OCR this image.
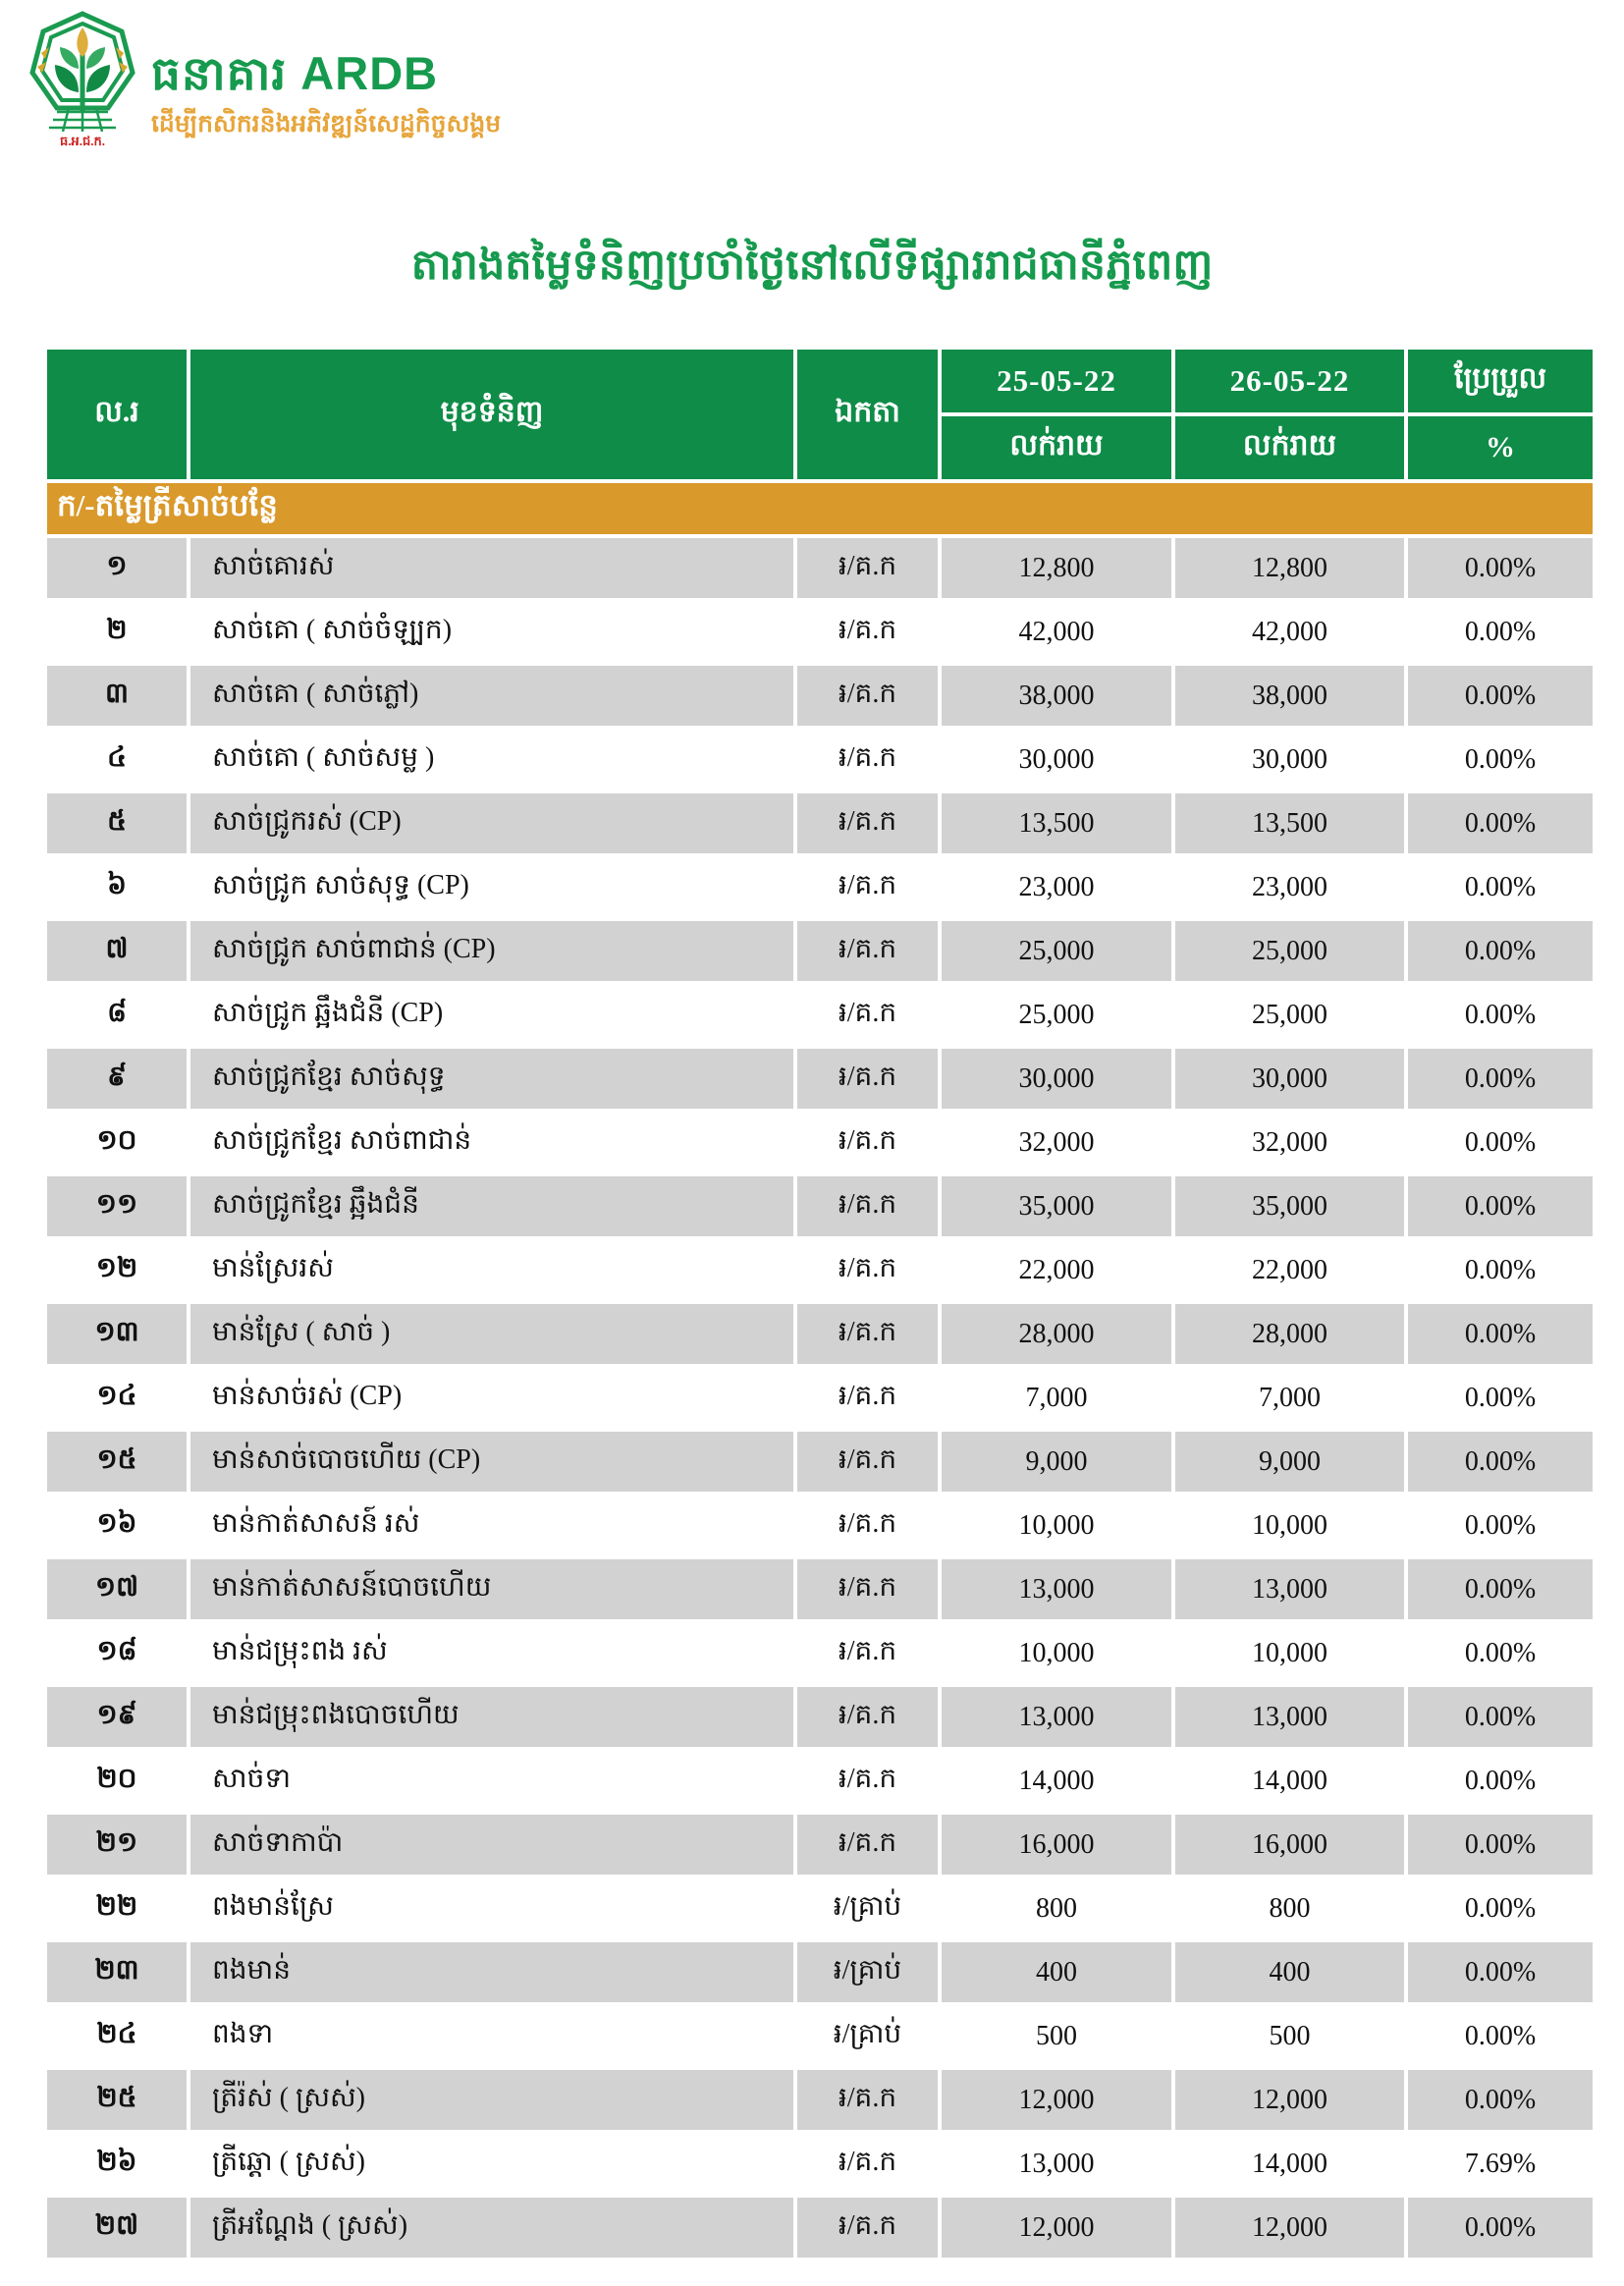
ធ.អ.ជ.ក.
ធនាគារ ARDB
ដើម្បីកសិករនិងអភិវឌ្ឍន៍សេដ្ឋកិច្ចសង្គម
តារាងតម្លៃទំនិញប្រចាំថ្ងៃនៅលើទីផ្សាររាជធានីភ្នំពេញ
ល.រ	មុខទំនិញ	ឯកតា	25-05-22	26-05-22	ប្រែប្រួល
			លក់រាយ	លក់រាយ	%
ក/-តម្លៃត្រីសាច់បន្លែ					
១	សាច់គោរស់	៛/គ.ក	12,800	12,800	0.00%
២	សាច់គោ ( សាច់ចំឡ្បក)	៛/គ.ក	42,000	42,000	0.00%
៣	សាច់គោ ( សាច់ភ្លៅ)	៛/គ.ក	38,000	38,000	0.00%
៤	សាច់គោ ( សាច់សម្ល )	៛/គ.ក	30,000	30,000	0.00%
៥	សាច់ជ្រូករស់ (CP)	៛/គ.ក	13,500	13,500	0.00%
៦	សាច់ជ្រូក សាច់សុទ្ធ (CP)	៛/គ.ក	23,000	23,000	0.00%
៧	សាច់ជ្រូក សាច់ពាជាន់ (CP)	៛/គ.ក	25,000	25,000	0.00%
៨	សាច់ជ្រូក ឆ្អឹងជំនី (CP)	៛/គ.ក	25,000	25,000	0.00%
៩	សាច់ជ្រូកខ្មែរ សាច់សុទ្ធ	៛/គ.ក	30,000	30,000	0.00%
១០	សាច់ជ្រូកខ្មែរ សាច់ពាជាន់	៛/គ.ក	32,000	32,000	0.00%
១១	សាច់ជ្រូកខ្មែរ ឆ្អឹងជំនី	៛/គ.ក	35,000	35,000	0.00%
១២	មាន់ស្រែរស់	៛/គ.ក	22,000	22,000	0.00%
១៣	មាន់ស្រែ ( សាច់ )	៛/គ.ក	28,000	28,000	0.00%
១៤	មាន់សាច់រស់ (CP)	៛/គ.ក	7,000	7,000	0.00%
១៥	មាន់សាច់បោចហើយ (CP)	៛/គ.ក	9,000	9,000	0.00%
១៦	មាន់កាត់សាសន៍ រស់	៛/គ.ក	10,000	10,000	0.00%
១៧	មាន់កាត់សាសន៍បោចហើយ	៛/គ.ក	13,000	13,000	0.00%
១៨	មាន់ជម្រុះពង រស់	៛/គ.ក	10,000	10,000	0.00%
១៩	មាន់ជម្រុះពងបោចហើយ	៛/គ.ក	13,000	13,000	0.00%
២០	សាច់ទា	៛/គ.ក	14,000	14,000	0.00%
២១	សាច់ទាកាប៉ា	៛/គ.ក	16,000	16,000	0.00%
២២	ពងមាន់ស្រែ	៛/គ្រាប់	800	800	0.00%
២៣	ពងមាន់	៛/គ្រាប់	400	400	0.00%
២៤	ពងទា	៛/គ្រាប់	500	500	0.00%
២៥	ត្រីរ៉ស់ ( ស្រស់)	៛/គ.ក	12,000	12,000	0.00%
២៦	ត្រីឆ្ដោ ( ស្រស់)	៛/គ.ក	13,000	14,000	7.69%
២៧	ត្រីអណ្ដែង ( ស្រស់)	៛/គ.ក	12,000	12,000	0.00%
